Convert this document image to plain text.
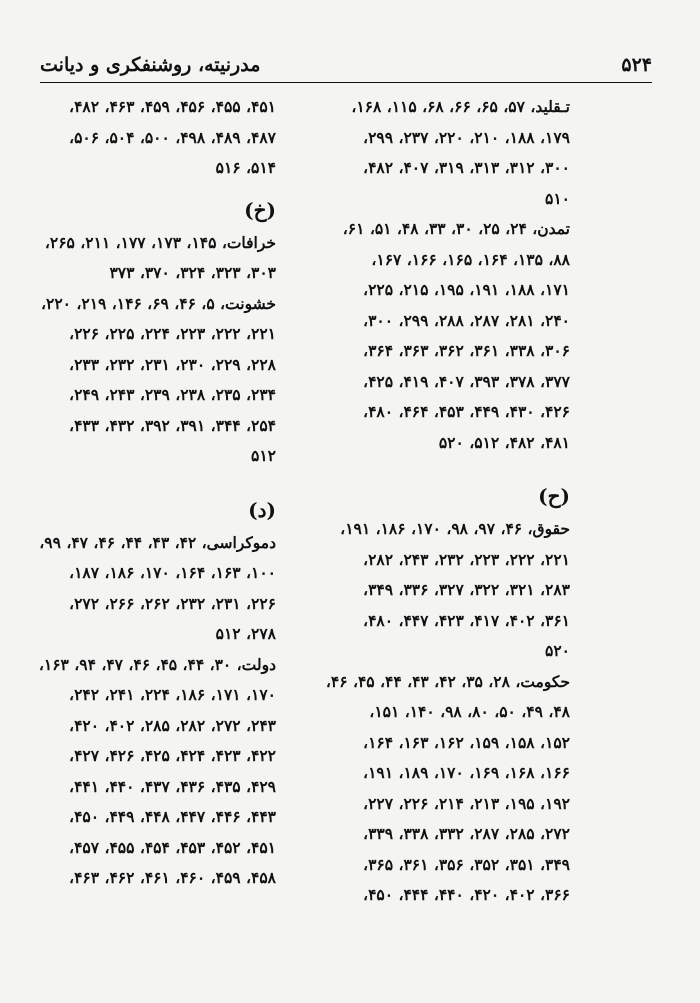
۵۲۴
مدرنیته، روشنفکری و دیانت
تـقلید، ۵۷، ۶۵، ۶۶، ۶۸، ۱۱۵، ۱۶۸،
۱۷۹، ۱۸۸، ۲۱۰، ۲۲۰، ۲۳۷، ۲۹۹،
۳۰۰، ۳۱۲، ۳۱۳، ۳۱۹، ۴۰۷، ۴۸۲،
۵۱۰
تمدن، ۲۴، ۲۵، ۳۰، ۳۳، ۴۸، ۵۱، ۶۱،
۸۸، ۱۳۵، ۱۶۴، ۱۶۵، ۱۶۶، ۱۶۷،
۱۷۱، ۱۸۸، ۱۹۱، ۱۹۵، ۲۱۵، ۲۲۵،
۲۴۰، ۲۸۱، ۲۸۷، ۲۸۸، ۲۹۹، ۳۰۰،
۳۰۶، ۳۳۸، ۳۶۱، ۳۶۲، ۳۶۳، ۳۶۴،
۳۷۷، ۳۷۸، ۳۹۳، ۴۰۷، ۴۱۹، ۴۲۵،
۴۲۶، ۴۳۰، ۴۴۹، ۴۵۳، ۴۶۴، ۴۸۰،
۴۸۱، ۴۸۲، ۵۱۲، ۵۲۰
(ح)
حقوق، ۴۶، ۹۷، ۹۸، ۱۷۰، ۱۸۶، ۱۹۱،
۲۲۱، ۲۲۲، ۲۲۳، ۲۳۲، ۲۴۳، ۲۸۲،
۲۸۳، ۳۲۱، ۳۲۲، ۳۲۷، ۳۳۶، ۳۴۹،
۳۶۱، ۴۰۲، ۴۱۷، ۴۲۳، ۴۴۷، ۴۸۰،
۵۲۰
حکومت، ۲۸، ۳۵، ۴۲، ۴۳، ۴۴، ۴۵، ۴۶،
۴۸، ۴۹، ۵۰، ۸۰، ۹۸، ۱۴۰، ۱۵۱،
۱۵۲، ۱۵۸، ۱۵۹، ۱۶۲، ۱۶۳، ۱۶۴،
۱۶۶، ۱۶۸، ۱۶۹، ۱۷۰، ۱۸۹، ۱۹۱،
۱۹۲، ۱۹۵، ۲۱۳، ۲۱۴، ۲۲۶، ۲۲۷،
۲۷۲، ۲۸۵، ۲۸۷، ۳۳۲، ۳۳۸، ۳۳۹،
۳۴۹، ۳۵۱، ۳۵۲، ۳۵۶، ۳۶۱، ۳۶۵،
۳۶۶، ۴۰۲، ۴۲۰، ۴۴۰، ۴۴۴، ۴۵۰،
۴۵۱، ۴۵۵، ۴۵۶، ۴۵۹، ۴۶۳، ۴۸۲،
۴۸۷، ۴۸۹، ۴۹۸، ۵۰۰، ۵۰۴، ۵۰۶،
۵۱۴، ۵۱۶
(خ)
خرافات، ۱۴۵، ۱۷۳، ۱۷۷، ۲۱۱، ۲۶۵،
۳۰۳، ۳۲۳، ۳۲۴، ۳۷۰، ۳۷۳
خشونت، ۵، ۴۶، ۶۹، ۱۴۶، ۲۱۹، ۲۲۰،
۲۲۱، ۲۲۲، ۲۲۳، ۲۲۴، ۲۲۵، ۲۲۶،
۲۲۸، ۲۲۹، ۲۳۰، ۲۳۱، ۲۳۲، ۲۳۳،
۲۳۴، ۲۳۵، ۲۳۸، ۲۳۹، ۲۴۳، ۲۴۹،
۲۵۴، ۳۴۴، ۳۹۱، ۳۹۲، ۴۳۲، ۴۳۳،
۵۱۲
(د)
دموکراسی، ۴۲، ۴۳، ۴۴، ۴۶، ۴۷، ۹۹،
۱۰۰، ۱۶۳، ۱۶۴، ۱۷۰، ۱۸۶، ۱۸۷،
۲۲۶، ۲۳۱، ۲۳۲، ۲۶۲، ۲۶۶، ۲۷۲،
۲۷۸، ۵۱۲
دولت، ۳۰، ۴۴، ۴۵، ۴۶، ۴۷، ۹۴، ۱۶۳،
۱۷۰، ۱۷۱، ۱۸۶، ۲۲۴، ۲۴۱، ۲۴۲،
۲۴۳، ۲۷۲، ۲۸۲، ۲۸۵، ۴۰۲، ۴۲۰،
۴۲۲، ۴۲۳، ۴۲۴، ۴۲۵، ۴۲۶، ۴۲۷،
۴۲۹، ۴۳۵، ۴۳۶، ۴۳۷، ۴۴۰، ۴۴۱،
۴۴۳، ۴۴۶، ۴۴۷، ۴۴۸، ۴۴۹، ۴۵۰،
۴۵۱، ۴۵۲، ۴۵۳، ۴۵۴، ۴۵۵، ۴۵۷،
۴۵۸، ۴۵۹، ۴۶۰، ۴۶۱، ۴۶۲، ۴۶۳،
